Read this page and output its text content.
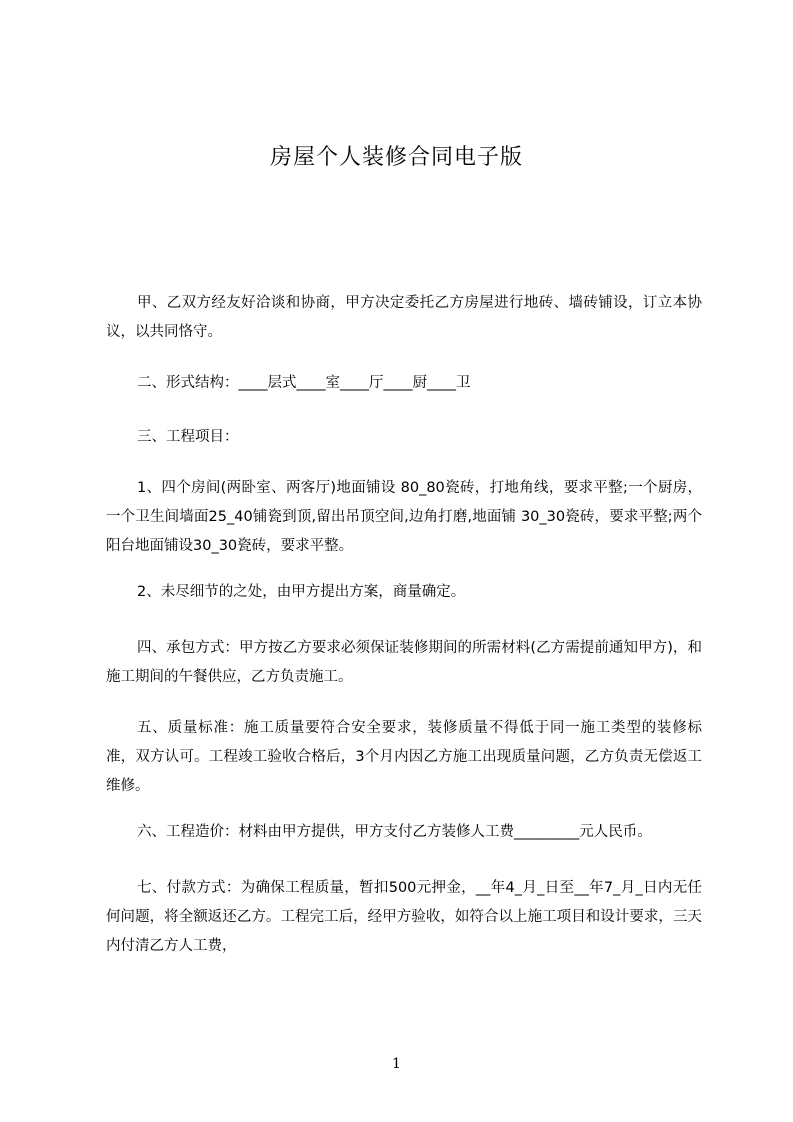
房屋个人装修合同电子版

甲、乙双方经友好洽谈和协商，甲方决定委托乙方房屋进行地砖、墙砖铺设，订立本协议，以共同恪守。

二、形式结构：____层式____室____厅____厨____卫

三、工程项目：

1、四个房间(两卧室、两客厅)地面铺设 80_80瓷砖，打地角线，要求平整;一个厨房，一个卫生间墙面25_40铺瓷到顶,留出吊顶空间,边角打磨,地面铺 30_30瓷砖，要求平整;两个阳台地面铺设30_30瓷砖，要求平整。

2、未尽细节的之处，由甲方提出方案，商量确定。

四、承包方式：甲方按乙方要求必须保证装修期间的所需材料(乙方需提前通知甲方)，和施工期间的午餐供应，乙方负责施工。

五、质量标准：施工质量要符合安全要求，装修质量不得低于同一施工类型的装修标准，双方认可。工程竣工验收合格后，3个月内因乙方施工出现质量问题，乙方负责无偿返工维修。

六、工程造价：材料由甲方提供，甲方支付乙方装修人工费_________元人民币。

七、付款方式：为确保工程质量，暂扣500元押金，__年4_月_日至__年7_月_日内无任何问题，将全额返还乙方。工程完工后，经甲方验收，如符合以上施工项目和设计要求，三天内付清乙方人工费，

1
